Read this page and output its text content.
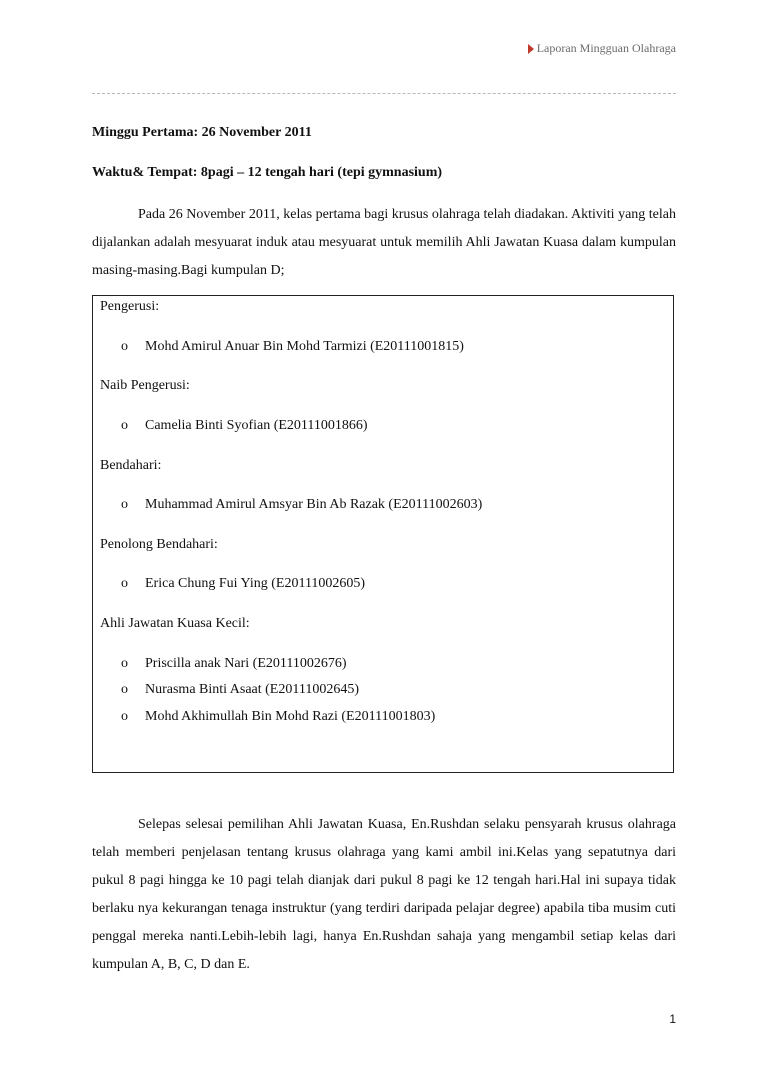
Laporan Mingguan Olahraga
Minggu Pertama: 26 November 2011
Waktu& Tempat: 8pagi – 12 tengah hari (tepi gymnasium)

Pada 26 November 2011, kelas pertama bagi krusus olahraga telah diadakan. Aktiviti yang telah dijalankan adalah mesyuarat induk atau mesyuarat untuk memilih Ahli Jawatan Kuasa dalam kumpulan masing-masing.Bagi kumpulan D;

Pengerusi:
o	Mohd Amirul Anuar Bin Mohd Tarmizi (E20111001815)
Naib Pengerusi:
o	Camelia Binti Syofian (E20111001866)
Bendahari:
o	Muhammad Amirul Amsyar Bin Ab Razak (E20111002603)
Penolong Bendahari:
o	Erica Chung Fui Ying (E20111002605)
Ahli Jawatan Kuasa Kecil:
o	Priscilla anak Nari (E20111002676)
o	Nurasma Binti Asaat (E20111002645)
o	Mohd Akhimullah Bin Mohd Razi (E20111001803)

Selepas selesai pemilihan Ahli Jawatan Kuasa, En.Rushdan selaku pensyarah krusus olahraga telah memberi penjelasan tentang krusus olahraga yang kami ambil ini.Kelas yang sepatutnya dari pukul 8 pagi hingga ke 10 pagi telah dianjak dari pukul 8 pagi ke 12 tengah hari.Hal ini supaya tidak berlaku nya kekurangan tenaga instruktur (yang terdiri daripada pelajar degree) apabila tiba musim cuti penggal mereka nanti.Lebih-lebih lagi, hanya En.Rushdan sahaja yang mengambil setiap kelas dari kumpulan A, B, C, D dan E.

1
